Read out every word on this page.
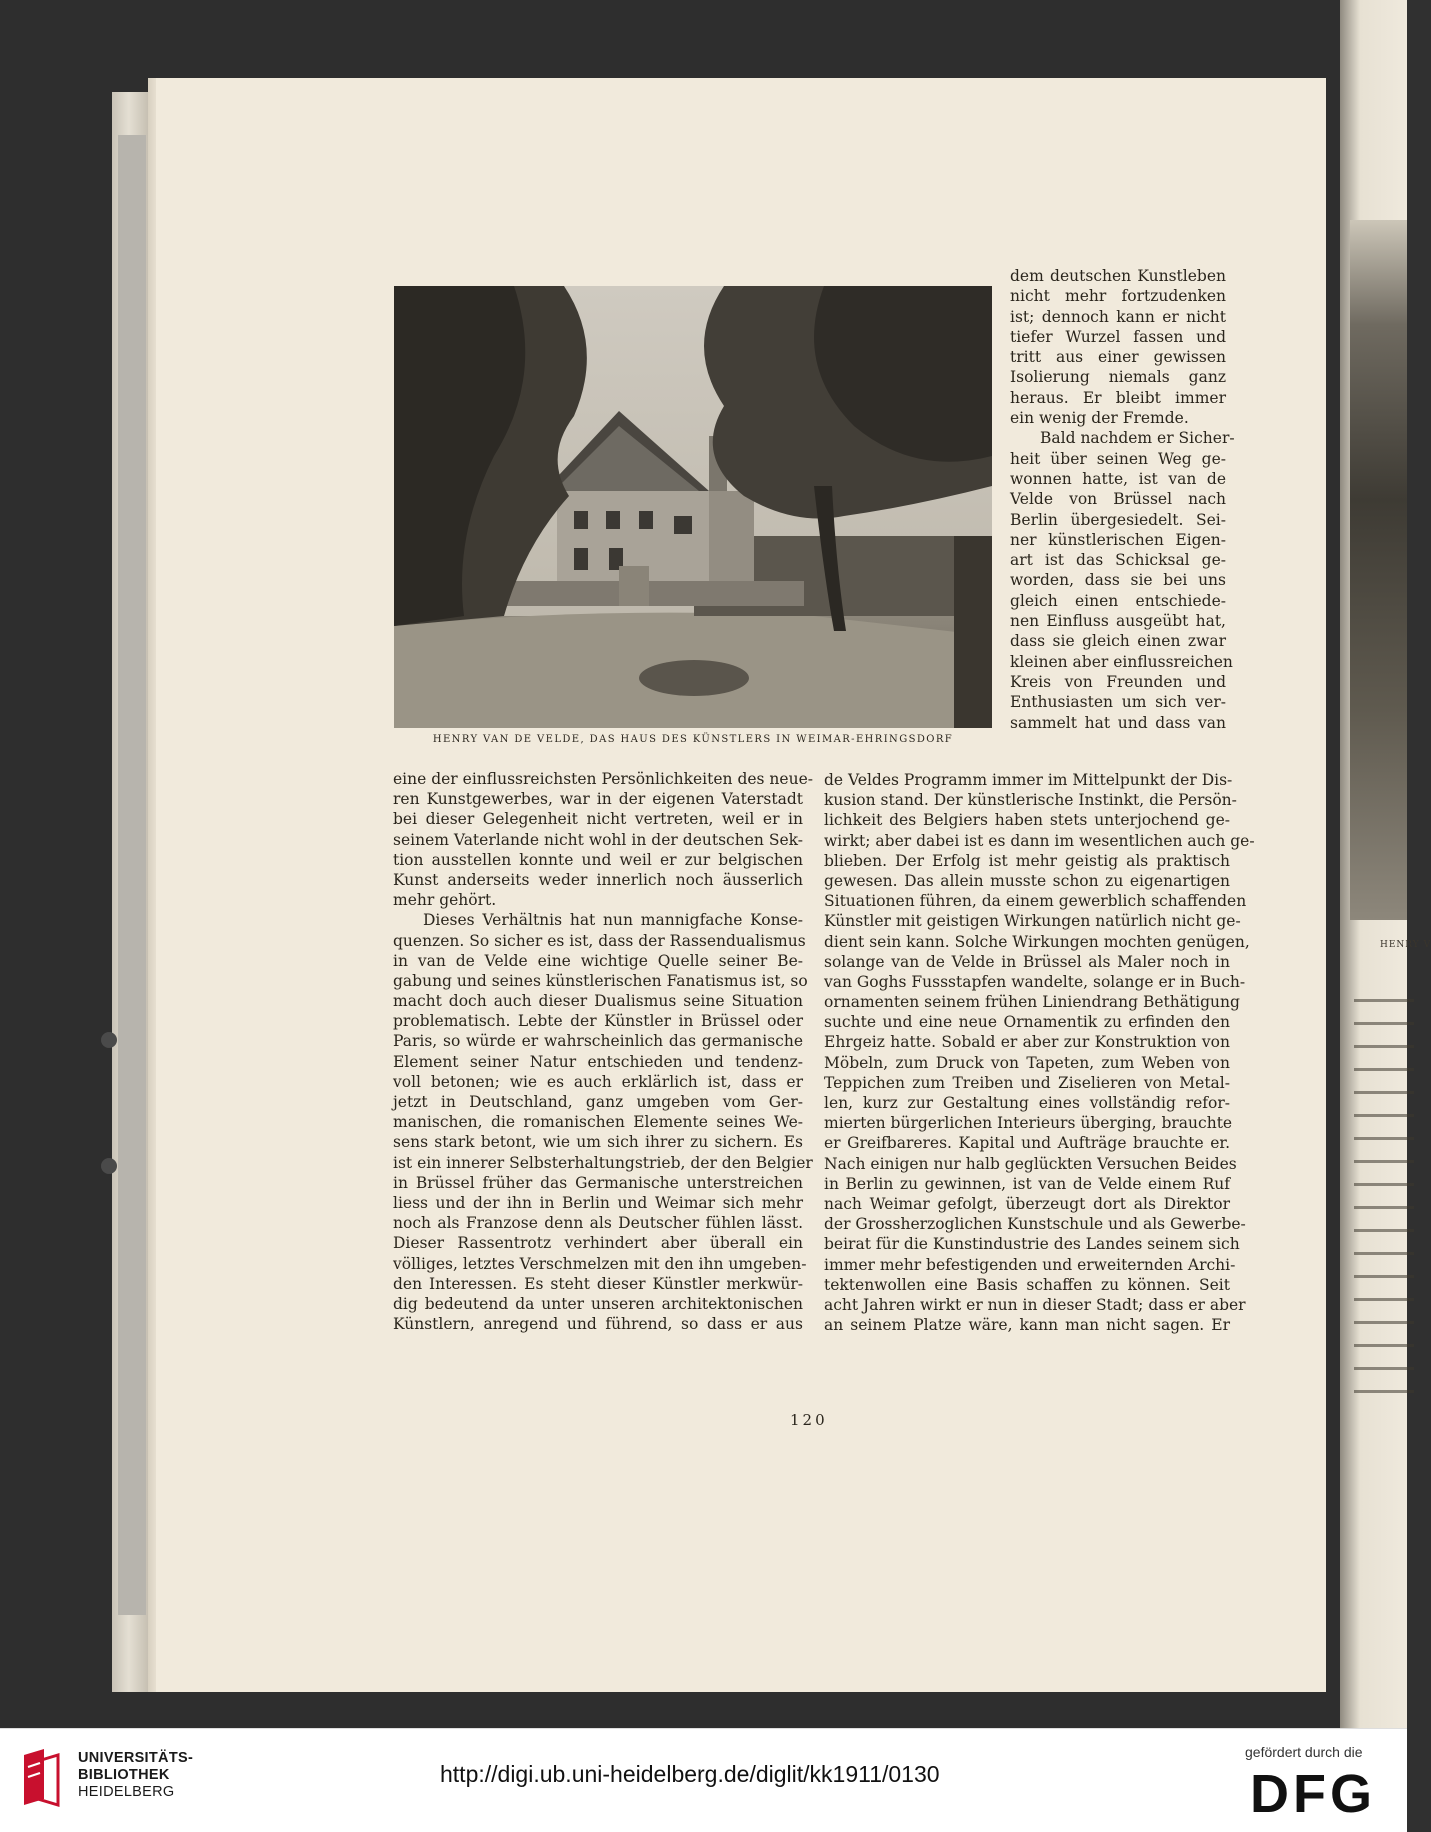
HENRY V
HENRY VAN DE VELDE, DAS HAUS DES KÜNSTLERS IN WEIMAR-EHRINGSDORF
dem deutschen Kunstleben
nicht mehr fortzudenken
ist; dennoch kann er nicht
tiefer Wurzel fassen und
tritt aus einer gewissen
Isolierung niemals ganz
heraus. Er bleibt immer
ein wenig der Fremde.
Bald nachdem er Sicher-
heit über seinen Weg ge-
wonnen hatte, ist van de
Velde von Brüssel nach
Berlin übergesiedelt. Sei-
ner künstlerischen Eigen-
art ist das Schicksal ge-
worden, dass sie bei uns
gleich einen entschiede-
nen Einfluss ausgeübt hat,
dass sie gleich einen zwar
kleinen aber einflussreichen
Kreis von Freunden und
Enthusiasten um sich ver-
sammelt hat und dass van
eine der einflussreichsten Persönlichkeiten des neue-
ren Kunstgewerbes, war in der eigenen Vaterstadt
bei dieser Gelegenheit nicht vertreten, weil er in
seinem Vaterlande nicht wohl in der deutschen Sek-
tion ausstellen konnte und weil er zur belgischen
Kunst anderseits weder innerlich noch äusserlich
mehr gehört.
Dieses Verhältnis hat nun mannigfache Konse-
quenzen. So sicher es ist, dass der Rassendualismus
in van de Velde eine wichtige Quelle seiner Be-
gabung und seines künstlerischen Fanatismus ist, so
macht doch auch dieser Dualismus seine Situation
problematisch. Lebte der Künstler in Brüssel oder
Paris, so würde er wahrscheinlich das germanische
Element seiner Natur entschieden und tendenz-
voll betonen; wie es auch erklärlich ist, dass er
jetzt in Deutschland, ganz umgeben vom Ger-
manischen, die romanischen Elemente seines We-
sens stark betont, wie um sich ihrer zu sichern. Es
ist ein innerer Selbsterhaltungstrieb, der den Belgier
in Brüssel früher das Germanische unterstreichen
liess und der ihn in Berlin und Weimar sich mehr
noch als Franzose denn als Deutscher fühlen lässt.
Dieser Rassentrotz verhindert aber überall ein
völliges, letztes Verschmelzen mit den ihn umgeben-
den Interessen. Es steht dieser Künstler merkwür-
dig bedeutend da unter unseren architektonischen
Künstlern, anregend und führend, so dass er aus
de Veldes Programm immer im Mittelpunkt der Dis-
kusion stand. Der künstlerische Instinkt, die Persön-
lichkeit des Belgiers haben stets unterjochend ge-
wirkt; aber dabei ist es dann im wesentlichen auch ge-
blieben. Der Erfolg ist mehr geistig als praktisch
gewesen. Das allein musste schon zu eigenartigen
Situationen führen, da einem gewerblich schaffenden
Künstler mit geistigen Wirkungen natürlich nicht ge-
dient sein kann. Solche Wirkungen mochten genügen,
solange van de Velde in Brüssel als Maler noch in
van Goghs Fussstapfen wandelte, solange er in Buch-
ornamenten seinem frühen Liniendrang Bethätigung
suchte und eine neue Ornamentik zu erfinden den
Ehrgeiz hatte. Sobald er aber zur Konstruktion von
Möbeln, zum Druck von Tapeten, zum Weben von
Teppichen zum Treiben und Ziselieren von Metal-
len, kurz zur Gestaltung eines vollständig refor-
mierten bürgerlichen Interieurs überging, brauchte
er Greifbareres. Kapital und Aufträge brauchte er.
Nach einigen nur halb geglückten Versuchen Beides
in Berlin zu gewinnen, ist van de Velde einem Ruf
nach Weimar gefolgt, überzeugt dort als Direktor
der Grossherzoglichen Kunstschule und als Gewerbe-
beirat für die Kunstindustrie des Landes seinem sich
immer mehr befestigenden und erweiternden Archi-
tektenwollen eine Basis schaffen zu können. Seit
acht Jahren wirkt er nun in dieser Stadt; dass er aber
an seinem Platze wäre, kann man nicht sagen. Er
120
UNIVERSITÄTS-
BIBLIOTHEK
HEIDELBERG
http://digi.ub.uni-heidelberg.de/diglit/kk1911/0130
gefördert durch die
DFG
